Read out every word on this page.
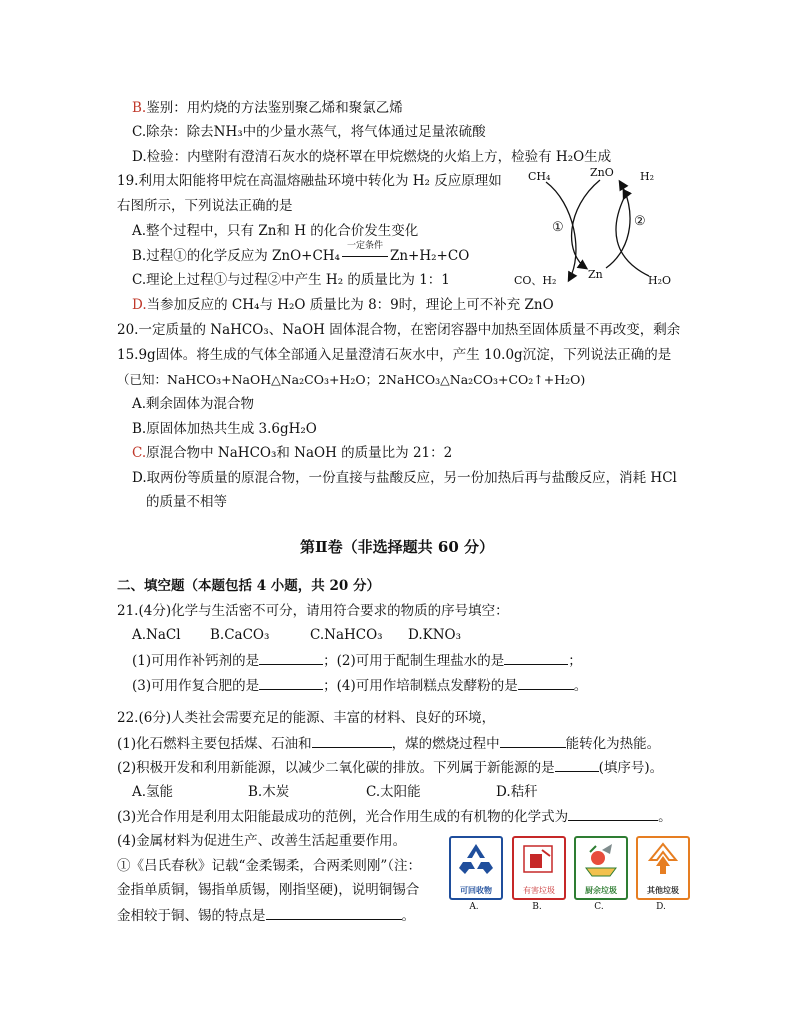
B.鉴别：用灼烧的方法鉴别聚乙烯和聚氯乙烯
C.除杂：除去NH₃中的少量水蒸气，将气体通过足量浓硫酸
D.检验：内壁附有澄清石灰水的烧杯罩在甲烷燃烧的火焰上方，检验有 H₂O生成
19.利用太阳能将甲烷在高温熔融盐环境中转化为 H₂ 反应原理如
右图所示，下列说法正确的是
A.整个过程中，只有 Zn和 H 的化合价发生变化
B.过程①的化学反应为 ZnO+CH₄
一定条件
Zn+H₂+CO
C.理论上过程①与过程②中产生 H₂ 的质量比为 1：1
D.当参加反应的 CH₄与 H₂O 质量比为 8：9时，理论上可不补充 ZnO
CH₄	ZnO H₂
①	②
CO、H₂	Zn	H₂O
20.一定质量的 NaHCO₃、NaOH 固体混合物，在密闭容器中加热至固体质量不再改变，剩余
15.9g固体。将生成的气体全部通入足量澄清石灰水中，产生 10.0g沉淀，下列说法正确的是
（已知：NaHCO₃+NaOH△Na₂CO₃+H₂O；2NaHCO₃△Na₂CO₃+CO₂↑+H₂O)
A.剩余固体为混合物
B.原固体加热共生成 3.6gH₂O
C.原混合物中 NaHCO₃和 NaOH 的质量比为 21：2
D.取两份等质量的原混合物，一份直接与盐酸反应，另一份加热后再与盐酸反应，消耗 HCl
的质量不相等
第Ⅱ卷（非选择题共 60 分）
二、填空题（本题包括 4 小题，共 20 分）
21.(4分)化学与生活密不可分，请用符合要求的物质的序号填空：
A.NaCl B.CaCO₃	C.NaHCO₃ D.KNO₃
(1)可用作补钙剂的是	；(2)可用于配制生理盐水的是	；
(3)可用作复合肥的是	；(4)可用作培制糕点发酵粉的是	。
22.(6分)人类社会需要充足的能源、丰富的材料、良好的环境，
(1)化石燃料主要包括煤、石油和	，煤的燃烧过程中	能转化为热能。
(2)积极开发和利用新能源，以减少二氧化碳的排放。下列属于新能源的是	(填序号)。
A.氢能	B.木炭	C.太阳能	D.秸秆
(3)光合作用是利用太阳能最成功的范例，光合作用生成的有机物的化学式为	。
(4)金属材料为促进生产、改善生活起重要作用。
①《吕氏春秋》记载“金柔锡柔，合两柔则刚”（注：
金指单质铜，锡指单质锡，刚指坚硬)，说明铜锡合
金相较于铜、锡的特点是	。
可回收物
A.
有害垃圾
B.
厨余垃圾
C.
其他垃圾
D.
